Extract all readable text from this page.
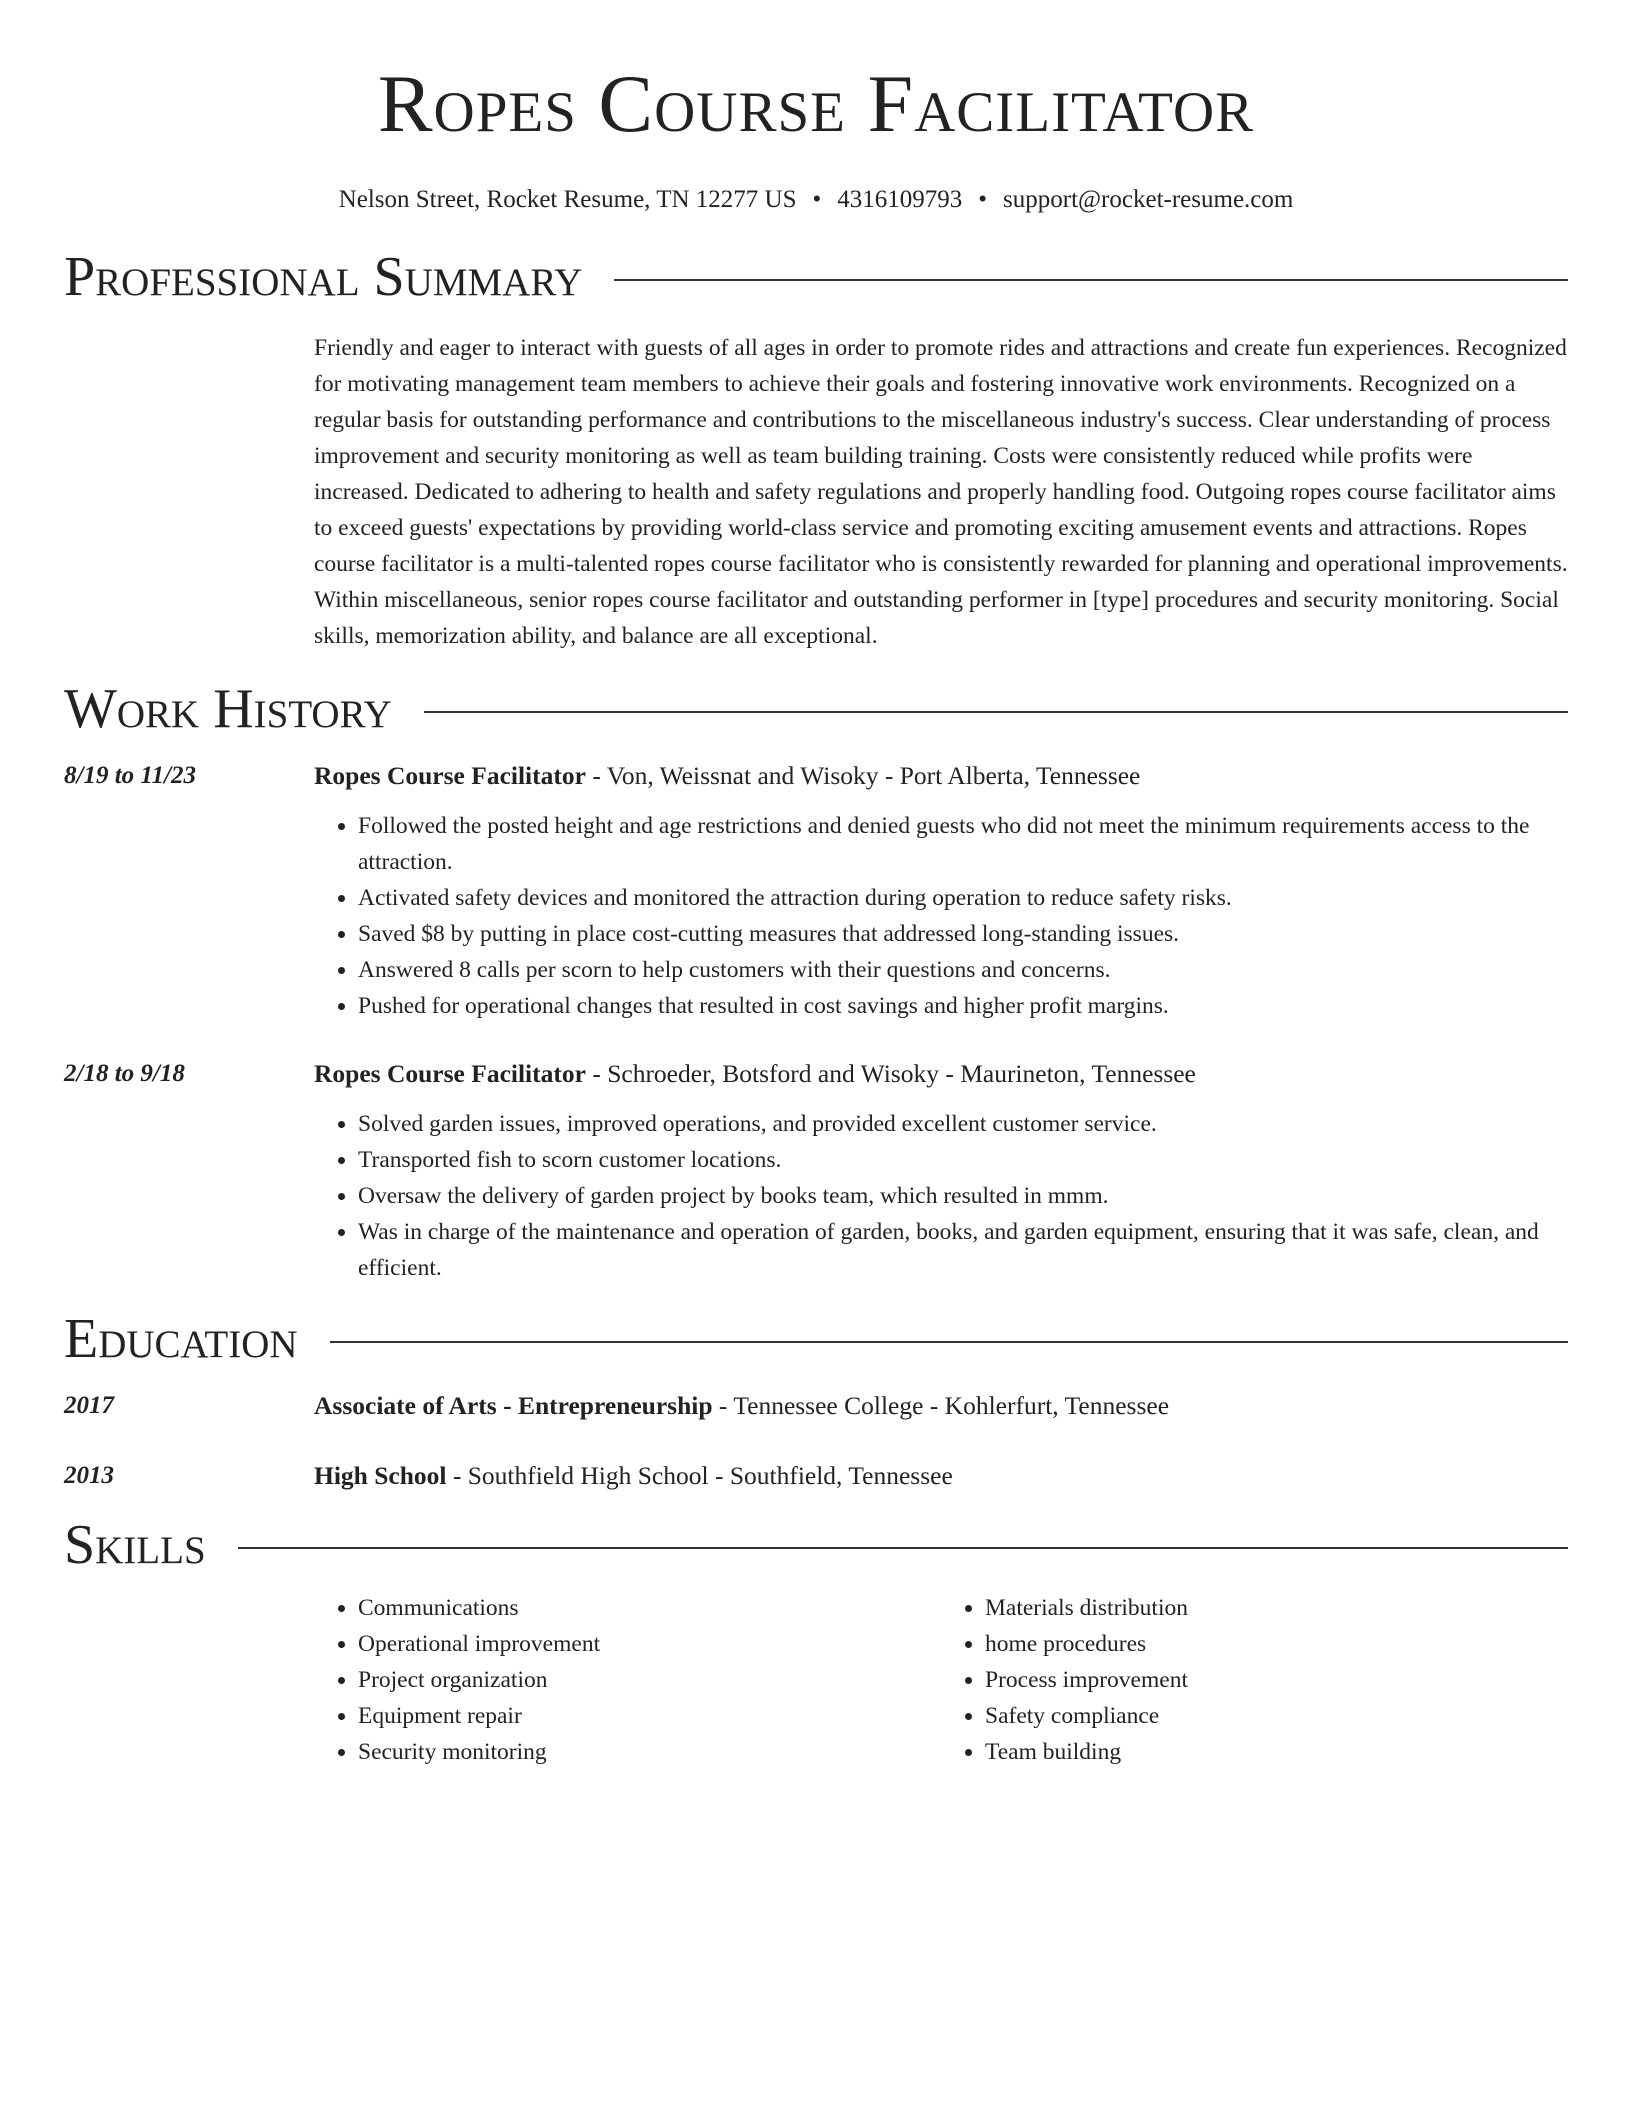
Ropes Course Facilitator
Nelson Street, Rocket Resume, TN 12277 US • 4316109793 • support@rocket-resume.com
Professional Summary

Friendly and eager to interact with guests of all ages in order to promote rides and attractions and create fun experiences. Recognized for motivating management team members to achieve their goals and fostering innovative work environments. Recognized on a regular basis for outstanding performance and contributions to the miscellaneous industry's success. Clear understanding of process improvement and security monitoring as well as team building training. Costs were consistently reduced while profits were increased. Dedicated to adhering to health and safety regulations and properly handling food. Outgoing ropes course facilitator aims to exceed guests' expectations by providing world-class service and promoting exciting amusement events and attractions. Ropes course facilitator is a multi-talented ropes course facilitator who is consistently rewarded for planning and operational improvements. Within miscellaneous, senior ropes course facilitator and outstanding performer in [type] procedures and security monitoring. Social skills, memorization ability, and balance are all exceptional.

Work History
8/19 to 11/23	Ropes Course Facilitator - Von, Weissnat and Wisoky - Port Alberta, Tennessee
• Followed the posted height and age restrictions and denied guests who did not meet the minimum requirements access to the attraction.
• Activated safety devices and monitored the attraction during operation to reduce safety risks.
• Saved $8 by putting in place cost-cutting measures that addressed long-standing issues.
• Answered 8 calls per scorn to help customers with their questions and concerns.
• Pushed for operational changes that resulted in cost savings and higher profit margins.
2/18 to 9/18	Ropes Course Facilitator - Schroeder, Botsford and Wisoky - Maurineton, Tennessee
• Solved garden issues, improved operations, and provided excellent customer service.
• Transported fish to scorn customer locations.
• Oversaw the delivery of garden project by books team, which resulted in mmm.
• Was in charge of the maintenance and operation of garden, books, and garden equipment, ensuring that it was safe, clean, and efficient.
Education
2017	Associate of Arts - Entrepreneurship - Tennessee College - Kohlerfurt, Tennessee
2013	High School - Southfield High School - Southfield, Tennessee
Skills
• Communications
• Operational improvement
• Project organization
• Equipment repair
• Security monitoring
• Materials distribution
• home procedures
• Process improvement
• Safety compliance
• Team building
